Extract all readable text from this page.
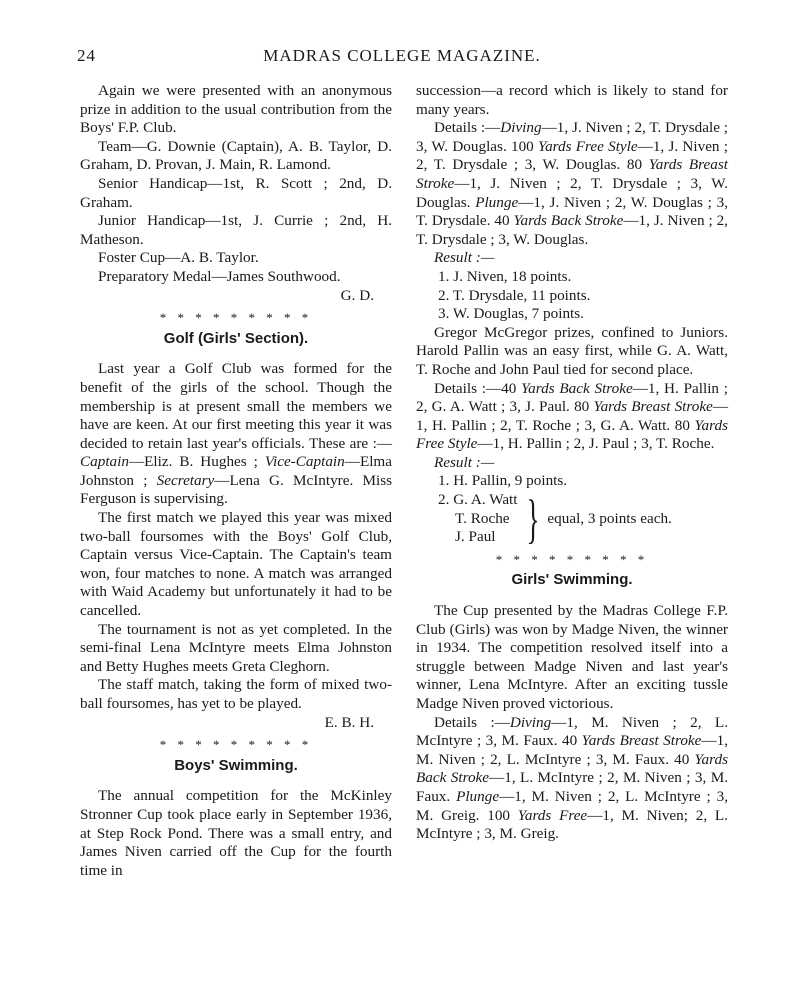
24	MADRAS COLLEGE MAGAZINE.

Again we were presented with an anonymous prize in addition to the usual contribution from the Boys' F.P. Club.

Team—G. Downie (Captain), A. B. Taylor, D. Graham, D. Provan, J. Main, R. Lamond.

Senior Handicap—1st, R. Scott ; 2nd, D. Graham.

Junior Handicap—1st, J. Currie ; 2nd, H. Matheson.

Foster Cup—A. B. Taylor.

Preparatory Medal—James Southwood.

G. D.

* * * * * * * * *
Golf (Girls' Section).

Last year a Golf Club was formed for the benefit of the girls of the school. Though the membership is at present small the members we have are keen. At our first meeting this year it was decided to retain last year's officials. These are :— Captain—Eliz. B. Hughes ; Vice-Captain—Elma Johnston ; Secretary—Lena G. McIntyre. Miss Ferguson is supervising.

The first match we played this year was mixed two-ball foursomes with the Boys' Golf Club, Captain versus Vice-Captain. The Captain's team won, four matches to none. A match was arranged with Waid Academy but unfortunately it had to be cancelled.

The tournament is not as yet completed. In the semi-final Lena McIntyre meets Elma Johnston and Betty Hughes meets Greta Cleghorn.

The staff match, taking the form of mixed two-ball foursomes, has yet to be played.

E. B. H.

* * * * * * * * *
Boys' Swimming.

The annual competition for the McKinley Stronner Cup took place early in September 1936, at Step Rock Pond. There was a small entry, and James Niven carried off the Cup for the fourth time in

succession—a record which is likely to stand for many years.

Details :—Diving—1, J. Niven ; 2, T. Drysdale ; 3, W. Douglas. 100 Yards Free Style—1, J. Niven ; 2, T. Drysdale ; 3, W. Douglas. 80 Yards Breast Stroke—1, J. Niven ; 2, T. Drysdale ; 3, W. Douglas. Plunge—1, J. Niven ; 2, W. Douglas ; 3, T. Drysdale. 40 Yards Back Stroke—1, J. Niven ; 2, T. Drysdale ; 3, W. Douglas.

Result :—

1. J. Niven, 18 points.

2. T. Drysdale, 11 points.

3. W. Douglas, 7 points.

Gregor McGregor prizes, confined to Juniors. Harold Pallin was an easy first, while G. A. Watt, T. Roche and John Paul tied for second place.

Details :—40 Yards Back Stroke—1, H. Pallin ; 2, G. A. Watt ; 3, J. Paul. 80 Yards Breast Stroke—1, H. Pallin ; 2, T. Roche ; 3, G. A. Watt. 80 Yards Free Style—1, H. Pallin ; 2, J. Paul ; 3, T. Roche.

Result :—

1. H. Pallin, 9 points.

2. G. A. Watt
T. Roche
J. Paul } equal, 3 points each.
* * * * * * * * *
Girls' Swimming.

The Cup presented by the Madras College F.P. Club (Girls) was won by Madge Niven, the winner in 1934. The competition resolved itself into a struggle between Madge Niven and last year's winner, Lena McIntyre. After an exciting tussle Madge Niven proved victorious.

Details :—Diving—1, M. Niven ; 2, L. McIntyre ; 3, M. Faux. 40 Yards Breast Stroke—1, M. Niven ; 2, L. McIntyre ; 3, M. Faux. 40 Yards Back Stroke—1, L. McIntyre ; 2, M. Niven ; 3, M. Faux. Plunge—1, M. Niven ; 2, L. McIntyre ; 3, M. Greig. 100 Yards Free—1, M. Niven; 2, L. McIntyre ; 3, M. Greig.
